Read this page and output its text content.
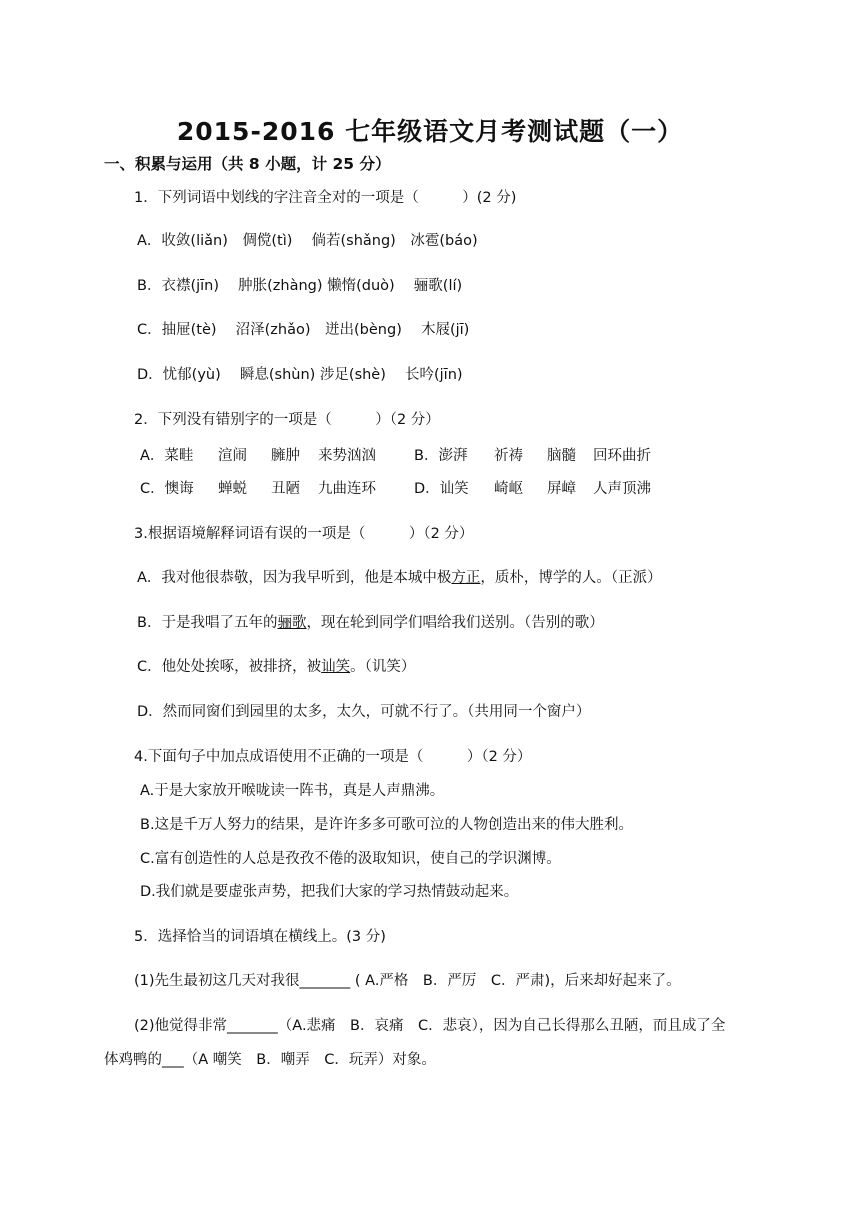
2015-2016 七年级语文月考测试题（一）
一、积累与运用（共 8 小题，计 25 分）
1．下列词语中划线的字注音全对的一项是（　　　）(2 分)
A．收敛(liǎn)　倜傥(tì)　 倘若(shǎng)　冰雹(báo)
B．衣襟(jīn)　 肿胀(zhàng) 懒惰(duò)　 骊歌(lí)
C．抽屉(tè)　 沼泽(zhǎo)　迸出(bèng)　 木屐(jī)
D．忧郁(yù)　 瞬息(shùn) 涉足(shè)　 长吟(jīn)
2．下列没有错别字的一项是（　　　）（2 分）
A．菜畦 渲闹 臃肿 来势汹汹	B．澎湃 祈祷 脑髓 回环曲折
C．懊诲 蝉蜕 丑陋 九曲连环	D．讪笑 崎岖 屏嶂 人声顶沸
3.根据语境解释词语有误的一项是（　　　）（2 分）
A．我对他很恭敬，因为我早听到，他是本城中极方正，质朴，博学的人。（正派）
B．于是我唱了五年的骊歌，现在轮到同学们唱给我们送别。（告别的歌）
C．他处处挨啄，被排挤，被讪笑。（讥笑）
D．然而同窗们到园里的太多，太久，可就不行了。（共用同一个窗户）
4.下面句子中加点成语使用不正确的一项是（　　　）（2 分）
A.于是大家放开喉咙读一阵书，真是人声鼎沸。
B.这是千万人努力的结果，是许许多多可歌可泣的人物创造出来的伟大胜利。
C.富有创造性的人总是孜孜不倦的汲取知识，使自己的学识渊博。
D.我们就是要虚张声势，把我们大家的学习热情鼓动起来。
5．选择恰当的词语填在横线上。(3 分)
(1)先生最初这几天对我很_______ ( A.严格　B．严厉　C．严肃)，后来却好起来了。
(2)他觉得非常_______（A.悲痛　B．哀痛　C．悲哀），因为自己长得那么丑陋，而且成了全
体鸡鸭的___（A 嘲笑　B．嘲弄　C．玩弄）对象。
